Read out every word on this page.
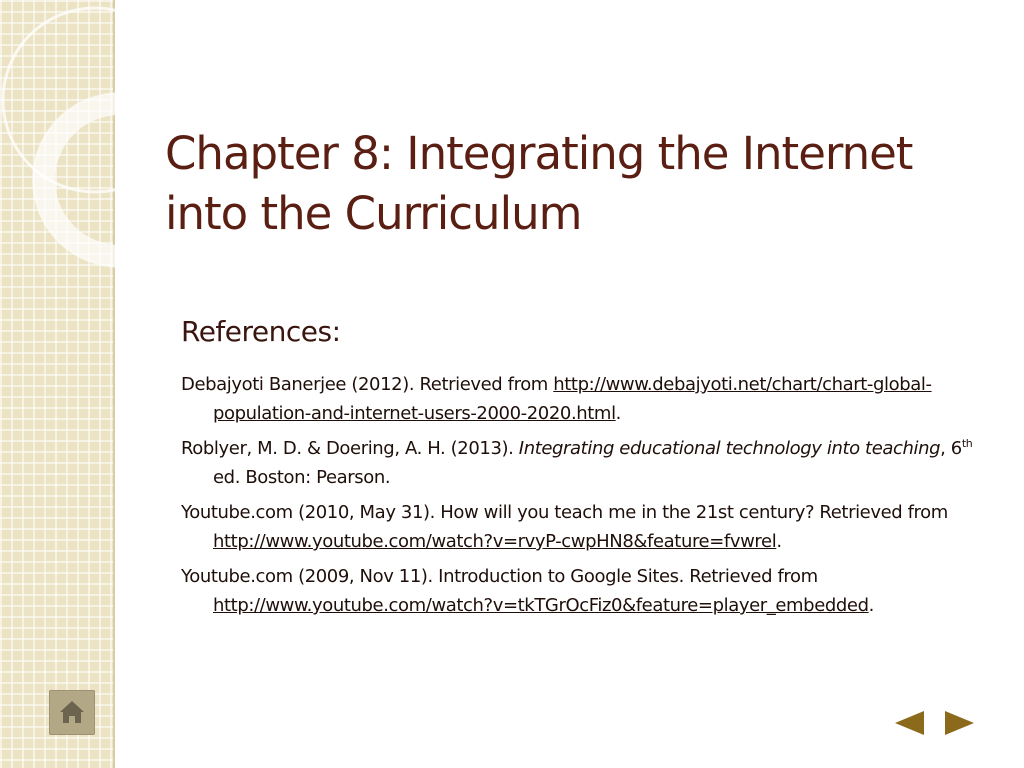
Chapter 8: Integrating the Internet
into the Curriculum
References:
Debajyoti Banerjee (2012). Retrieved from http://www.debajyoti.net/chart/chart-global-population-and-internet-users-2000-2020.html.
Roblyer, M. D. & Doering, A. H. (2013). Integrating educational technology into teaching, 6th ed. Boston: Pearson.
Youtube.com (2010, May 31). How will you teach me in the 21st century? Retrieved from http://www.youtube.com/watch?v=rvyP-cwpHN8&feature=fvwrel.
Youtube.com (2009, Nov 11). Introduction to Google Sites. Retrieved from http://www.youtube.com/watch?v=tkTGrOcFiz0&feature=player_embedded.
